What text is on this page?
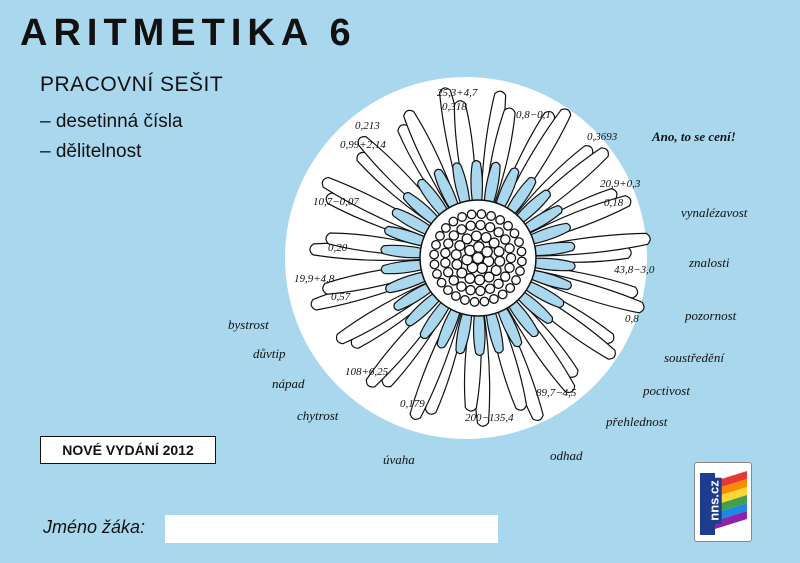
ARITMETIKA 6
PRACOVNÍ SEŠIT
– desetinná čísla
– dělitelnost
25,3+4,7
0,318
0,8−0,1
0,213
0,99+2,14
0,3693
20,9+0,3
0,18
10,7−0,07
0,20
19,9+4,8
0,57
43,8−3,0
0,8
108+6,25
0,179
200−135,4
89,7−4,5
vynalézavost
znalosti
pozornost
soustředění
poctivost
přehlednost
odhad
úvaha
chytrost
nápad
důvtip
bystrost
Ano, to se cení!
NOVÉ VYDÁNÍ 2012
Jméno žáka:
nns.cz
